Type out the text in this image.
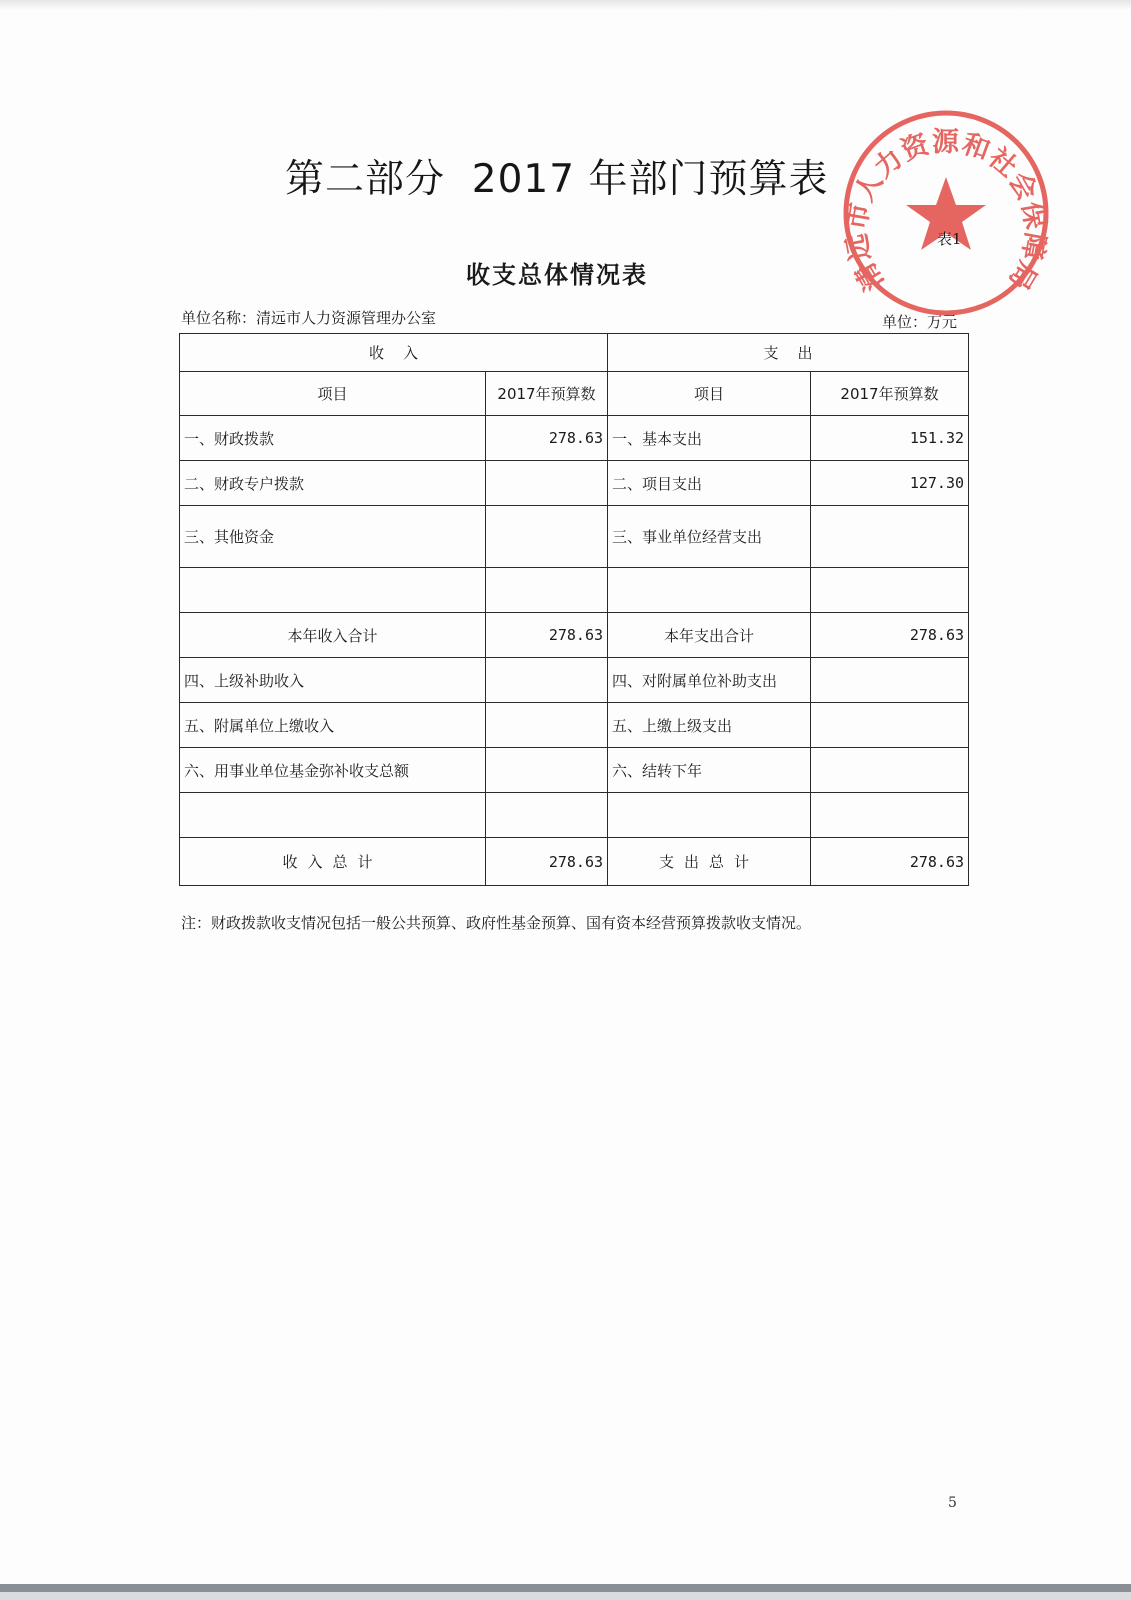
第二部分  2017 年部门预算表
清远市人力资源和社会保障局
表1
收支总体情况表
单位名称：清远市人力资源管理办公室	单位：万元
收    入		支    出	
项目	2017年预算数	项目	2017年预算数
一、财政拨款	278.63	一、基本支出	151.32
二、财政专户拨款		二、项目支出	127.30
三、其他资金		三、事业单位经营支出	

本年收入合计	278.63	本年支出合计	278.63
四、上级补助收入		四、对附属单位补助支出	
五、附属单位上缴收入		五、上缴上级支出	
六、用事业单位基金弥补收支总额		六、结转下年	

收入总计	278.63	支出总计	278.63
注：财政拨款收支情况包括一般公共预算、政府性基金预算、国有资本经营预算拨款收支情况。
5
